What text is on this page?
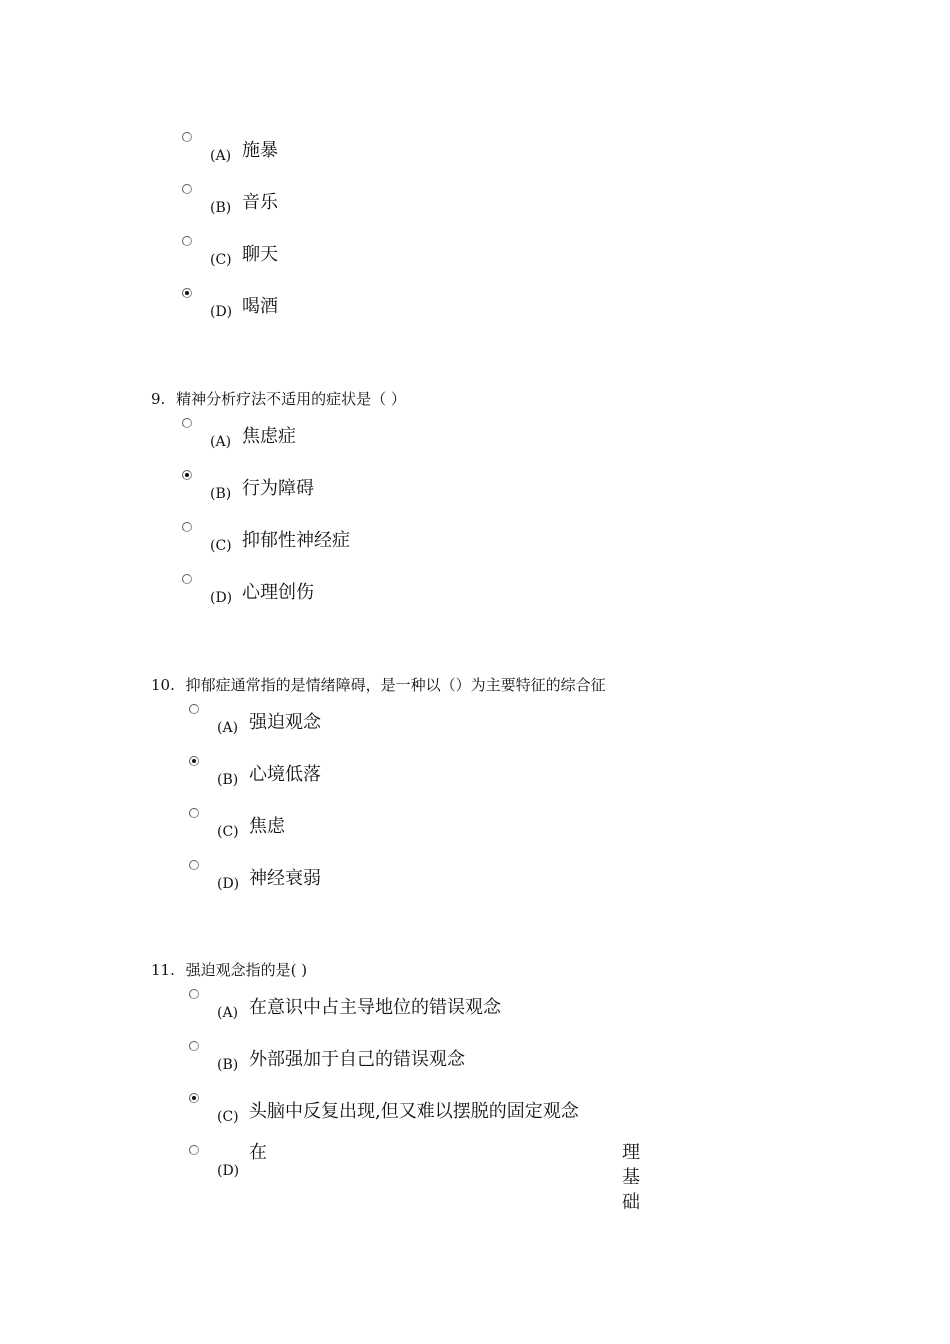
(A) 施暴
(B) 音乐
(C) 聊天
(D) 喝酒
9. 精神分析疗法不适用的症状是（ ）
(A) 焦虑症
(B) 行为障碍
(C) 抑郁性神经症
(D) 心理创伤
10. 抑郁症通常指的是情绪障碍，是一种以（）为主要特征的综合征
(A) 强迫观念
(B) 心境低落
(C) 焦虑
(D) 神经衰弱
11. 强迫观念指的是( )
(A) 在意识中占主导地位的错误观念
(B) 外部强加于自己的错误观念
(C) 头脑中反复出现,但又难以摆脱的固定观念
(D)
在	理
基
础
